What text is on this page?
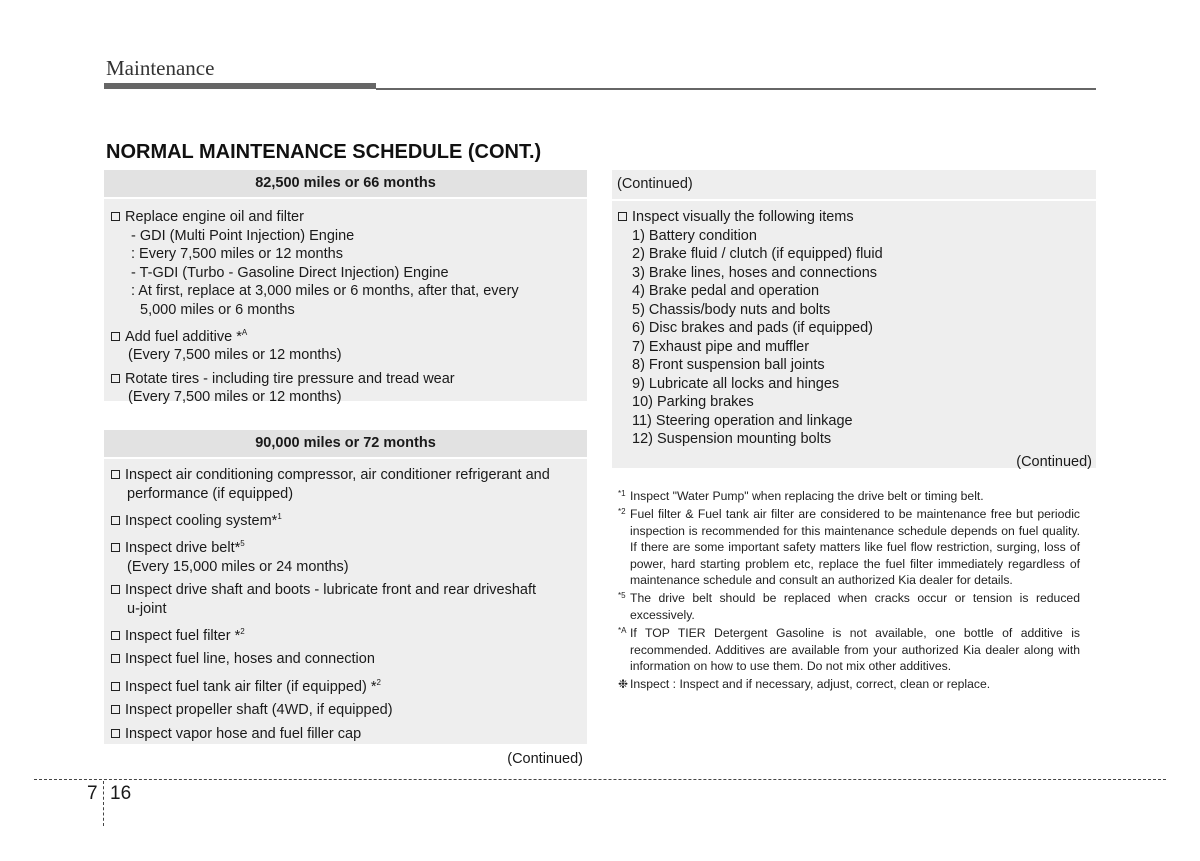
Maintenance
NORMAL MAINTENANCE SCHEDULE (CONT.)
82,500 miles or 66 months
Replace engine oil and filter
- GDI (Multi Point Injection) Engine
: Every 7,500 miles or 12 months
- T-GDI (Turbo - Gasoline Direct Injection) Engine
: At first, replace at 3,000 miles or 6 months, after that, every
5,000 miles or 6 months
Add fuel additive *$^A$
(Every 7,500 miles or 12 months)
Rotate tires - including tire pressure and tread wear
(Every 7,500 miles or 12 months)
90,000 miles or 72 months
Inspect air conditioning compressor, air conditioner refrigerant and
performance (if equipped)
Inspect cooling system*$^1$
Inspect drive belt*$^5$
(Every 15,000 miles or 24 months)
Inspect drive shaft and boots - lubricate front and rear driveshaft
u-joint
Inspect fuel filter *$^2$
Inspect fuel line, hoses and connection
Inspect fuel tank air filter (if equipped) *$^2$
Inspect propeller shaft (4WD, if equipped)
Inspect vapor hose and fuel filler cap
(Continued)
(Continued)
Inspect visually the following items
1) Battery condition
2) Brake fluid / clutch (if equipped) fluid
3) Brake lines, hoses and connections
4) Brake pedal and operation
5) Chassis/body nuts and bolts
6) Disc brakes and pads (if equipped)
7) Exhaust pipe and muffler
8) Front suspension ball joints
9) Lubricate all locks and hinges
10) Parking brakes
11) Steering operation and linkage
12) Suspension mounting bolts
(Continued)
*1 Inspect "Water Pump" when replacing the drive belt or timing belt.
*2 Fuel filter & Fuel tank air filter are considered to be maintenance free but periodic inspection is recommended for this maintenance schedule depends on fuel quality. If there are some important safety matters like fuel flow restriction, surging, loss of power, hard starting problem etc, replace the fuel filter immediately regardless of maintenance schedule and consult an authorized Kia dealer for details.
*5 The drive belt should be replaced when cracks occur or tension is reduced excessively.
*A If TOP TIER Detergent Gasoline is not available, one bottle of additive is recommended. Additives are available from your authorized Kia dealer along with information on how to use them. Do not mix other additives.
❉ Inspect : Inspect and if necessary, adjust, correct, clean or replace.
7 16
